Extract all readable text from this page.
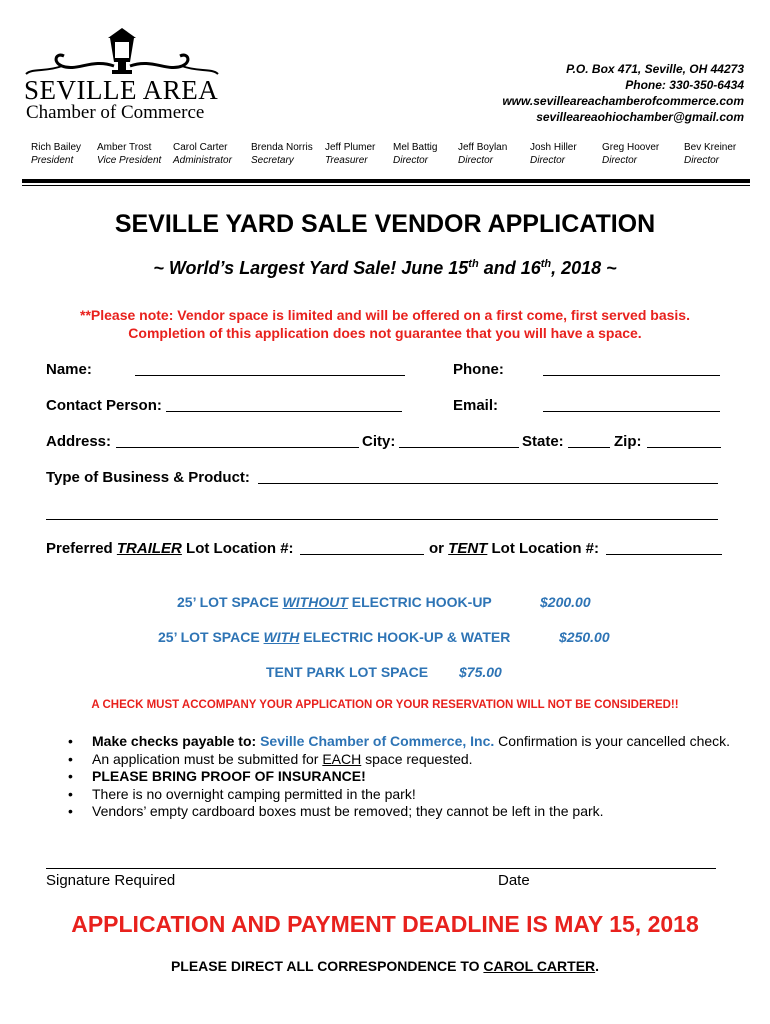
SEVILLE AREA
Chamber of Commerce
P.O. Box 471, Seville, OH 44273
Phone: 330-350-6434
www.sevilleareachamberofcommerce.com
sevilleareaohiochamber@gmail.com
Rich Bailey
President
Amber Trost
Vice President
Carol Carter
Administrator
Brenda Norris
Secretary
Jeff Plumer
Treasurer
Mel Battig
Director
Jeff Boylan
Director
Josh Hiller
Director
Greg Hoover
Director
Bev Kreiner
Director
SEVILLE YARD SALE VENDOR APPLICATION
~ World’s Largest Yard Sale! June 15th and 16th, 2018 ~
**Please note: Vendor space is limited and will be offered on a first come, first served basis.
Completion of this application does not guarantee that you will have a space.
Name:	Phone:
Contact Person:	Email:
Address:	City:	State:	Zip:
Type of Business & Product:
Preferred TRAILER Lot Location #:	or TENT Lot Location #:
25’ LOT SPACE WITHOUT ELECTRIC HOOK-UP	$200.00
25’ LOT SPACE WITH ELECTRIC HOOK-UP & WATER	$250.00
TENT PARK LOT SPACE $75.00
A CHECK MUST ACCOMPANY YOUR APPLICATION OR YOUR RESERVATION WILL NOT BE CONSIDERED!!
• Make checks payable to: Seville Chamber of Commerce, Inc. Confirmation is your cancelled check.
• An application must be submitted for EACH space requested.
• PLEASE BRING PROOF OF INSURANCE!
• There is no overnight camping permitted in the park!
• Vendors’ empty cardboard boxes must be removed; they cannot be left in the park.
Signature Required	Date
APPLICATION AND PAYMENT DEADLINE IS MAY 15, 2018
PLEASE DIRECT ALL CORRESPONDENCE TO CAROL CARTER.
